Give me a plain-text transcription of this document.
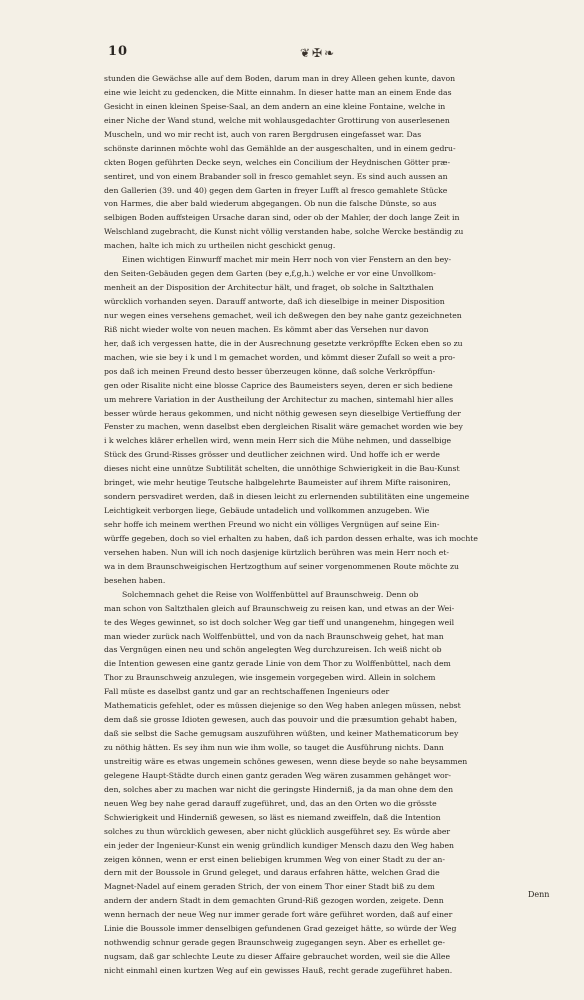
10	❦✠❧
stunden die Gewächse alle auf dem Boden, darum man in drey Alleen gehen kunte, davon
eine wie leicht zu gedencken, die Mitte einnahm. In dieser hatte man an einem Ende das
Gesicht in einen kleinen Speise-Saal, an dem andern an eine kleine Fontaine, welche in
einer Niche der Wand stund, welche mit wohlausgedachter Grottirung von auserlesenen
Muscheln, und wo mir recht ist, auch von raren Bergdrusen eingefasset war. Das
schönste darinnen möchte wohl das Gemählde an der ausgeschalten, und in einem gedru-
ckten Bogen geführten Decke seyn, welches ein Concilium der Heydnischen Götter præ-
sentiret, und von einem Brabander soll in fresco gemahlet seyn. Es sind auch aussen an
den Gallerien (39. und 40) gegen dem Garten in freyer Lufft al fresco gemahlete Stücke
von Harmes, die aber bald wiederum abgegangen. Ob nun die falsche Dünste, so aus
selbigen Boden auffsteigen Ursache daran sind, oder ob der Mahler, der doch lange Zeit in
Welschland zugebracht, die Kunst nicht völlig verstanden habe, solche Wercke beständig zu
machen, halte ich mich zu urtheilen nicht geschickt genug.
Einen wichtigen Einwurff machet mir mein Herr noch von vier Fenstern an den bey-
den Seiten-Gebäuden gegen dem Garten (bey e,f,g,h.) welche er vor eine Unvollkom-
menheit an der Disposition der Architectur hält, und fraget, ob solche in Saltzthalen
würcklich vorhanden seyen. Darauff antworte, daß ich dieselbige in meiner Disposition
nur wegen eines versehens gemachet, weil ich deßwegen den bey nahe gantz gezeichneten
Riß nicht wieder wolte von neuen machen. Es kömmt aber das Versehen nur davon
her, daß ich vergessen hatte, die in der Ausrechnung gesetzte verkröpffte Ecken eben so zu
machen, wie sie bey i k und l m gemachet worden, und kömmt dieser Zufall so weit a pro-
pos daß ich meinen Freund desto besser überzeugen könne, daß solche Verkröpffun-
gen oder Risalite nicht eine blosse Caprice des Baumeisters seyen, deren er sich bediene
um mehrere Variation in der Austheilung der Architectur zu machen, sintemahl hier alles
besser würde heraus gekommen, und nicht nöthig gewesen seyn dieselbige Vertieffung der
Fenster zu machen, wenn daselbst eben dergleichen Risalit wäre gemachet worden wie bey
i k welches klärer erhellen wird, wenn mein Herr sich die Mühe nehmen, und dasselbige
Stück des Grund-Risses grösser und deutlicher zeichnen wird. Und hoffe ich er werde
dieses nicht eine unnütze Subtilität schelten, die unnöthige Schwierigkeit in die Bau-Kunst
bringet, wie mehr heutige Teutsche halbgelehrte Baumeister auf ihrem Mifte raisoniren,
sondern persvadiret werden, daß in diesen leicht zu erlernenden subtilitäten eine ungemeine
Leichtigkeit verborgen liege, Gebäude untadelich und vollkommen anzugeben. Wie
sehr hoffe ich meinem werthen Freund wo nicht ein völliges Vergnügen auf seine Ein-
würffe gegeben, doch so viel erhalten zu haben, daß ich pardon dessen erhalte, was ich mochte
versehen haben. Nun will ich noch dasjenige kürtzlich berühren was mein Herr noch et-
wa in dem Braunschweigischen Hertzogthum auf seiner vorgenommenen Route möchte zu
besehen haben.
Solchemnach gehet die Reise von Wolffenbüttel auf Braunschweig. Denn ob
man schon von Saltzthalen gleich auf Braunschweig zu reisen kan, und etwas an der Wei-
te des Weges gewinnet, so ist doch solcher Weg gar tieff und unangenehm, hingegen weil
man wieder zurück nach Wolffenbüttel, und von da nach Braunschweig gehet, hat man
das Vergnügen einen neu und schön angelegten Weg durchzureisen. Ich weiß nicht ob
die Intention gewesen eine gantz gerade Linie von dem Thor zu Wolffenbüttel, nach dem
Thor zu Braunschweig anzulegen, wie insgemein vorgegeben wird. Allein in solchem
Fall müste es daselbst gantz und gar an rechtschaffenen Ingenieurs oder
Mathematicis gefehlet, oder es müssen diejenige so den Weg haben anlegen müssen, nebst
dem daß sie grosse Idioten gewesen, auch das pouvoir und die præsumtion gehabt haben,
daß sie selbst die Sache gemugsam auszuführen wüßten, und keiner Mathematicorum bey
zu nöthig hätten. Es sey ihm nun wie ihm wolle, so tauget die Ausführung nichts. Dann
unstreitig wäre es etwas ungemein schönes gewesen, wenn diese beyde so nahe beysammen
gelegene Haupt-Städte durch einen gantz geraden Weg wären zusammen gehänget wor-
den, solches aber zu machen war nicht die geringste Hinderniß, ja da man ohne dem den
neuen Weg bey nahe gerad darauff zugeführet, und, das an den Orten wo die grösste
Schwierigkeit und Hinderniß gewesen, so läst es niemand zweiffeln, daß die Intention
solches zu thun würcklich gewesen, aber nicht glücklich ausgeführet sey. Es würde aber
ein jeder der Ingenieur-Kunst ein wenig gründlich kundiger Mensch dazu den Weg haben
zeigen können, wenn er erst einen beliebigen krummen Weg von einer Stadt zu der an-
dern mit der Boussole in Grund geleget, und daraus erfahren hätte, welchen Grad die
Magnet-Nadel auf einem geraden Strich, der von einem Thor einer Stadt biß zu dem
andern der andern Stadt in dem gemachten Grund-Riß gezogen worden, zeigete. Denn
wenn hernach der neue Weg nur immer gerade fort wäre geführet worden, daß auf einer
Linie die Boussole immer denselbigen gefundenen Grad gezeiget hätte, so würde der Weg
nothwendig schnur gerade gegen Braunschweig zugegangen seyn. Aber es erhellet ge-
nugsam, daß gar schlechte Leute zu dieser Affaire gebrauchet worden, weil sie die Allee
nicht einmahl einen kurtzen Weg auf ein gewisses Hauß, recht gerade zugeführet haben.
Denn
